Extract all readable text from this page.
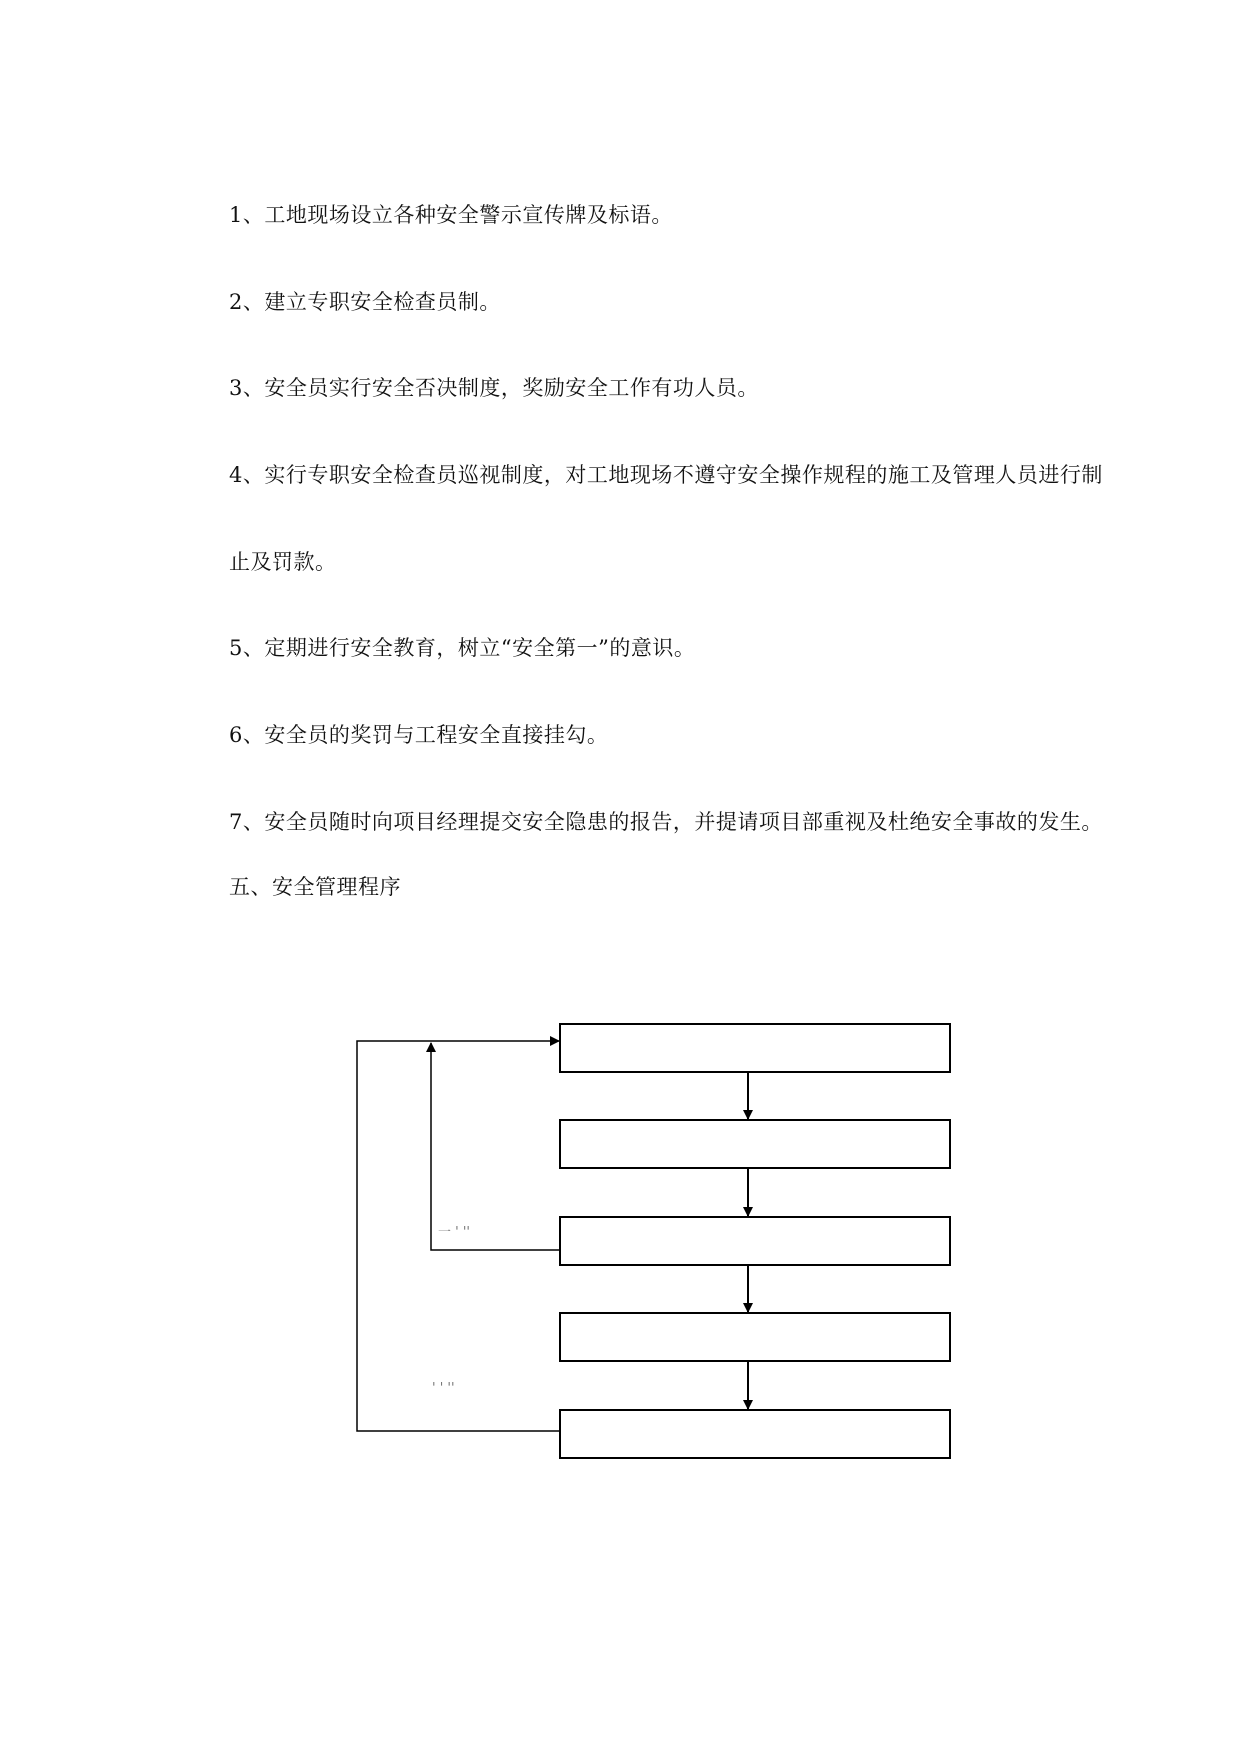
1、工地现场设立各种安全警示宣传牌及标语。

2、建立专职安全检查员制。

3、安全员实行安全否决制度，奖励安全工作有功人员。

4、实行专职安全检查员巡视制度，对工地现场不遵守安全操作规程的施工及管理人员进行制

止及罚款。

5、定期进行安全教育，树立“安全第一”的意识。

6、安全员的奖罚与工程安全直接挂勾。

7、安全员随时向项目经理提交安全隐患的报告，并提请项目部重视及杜绝安全事故的发生。

五、安全管理程序
一 ' ''
' ' ''
